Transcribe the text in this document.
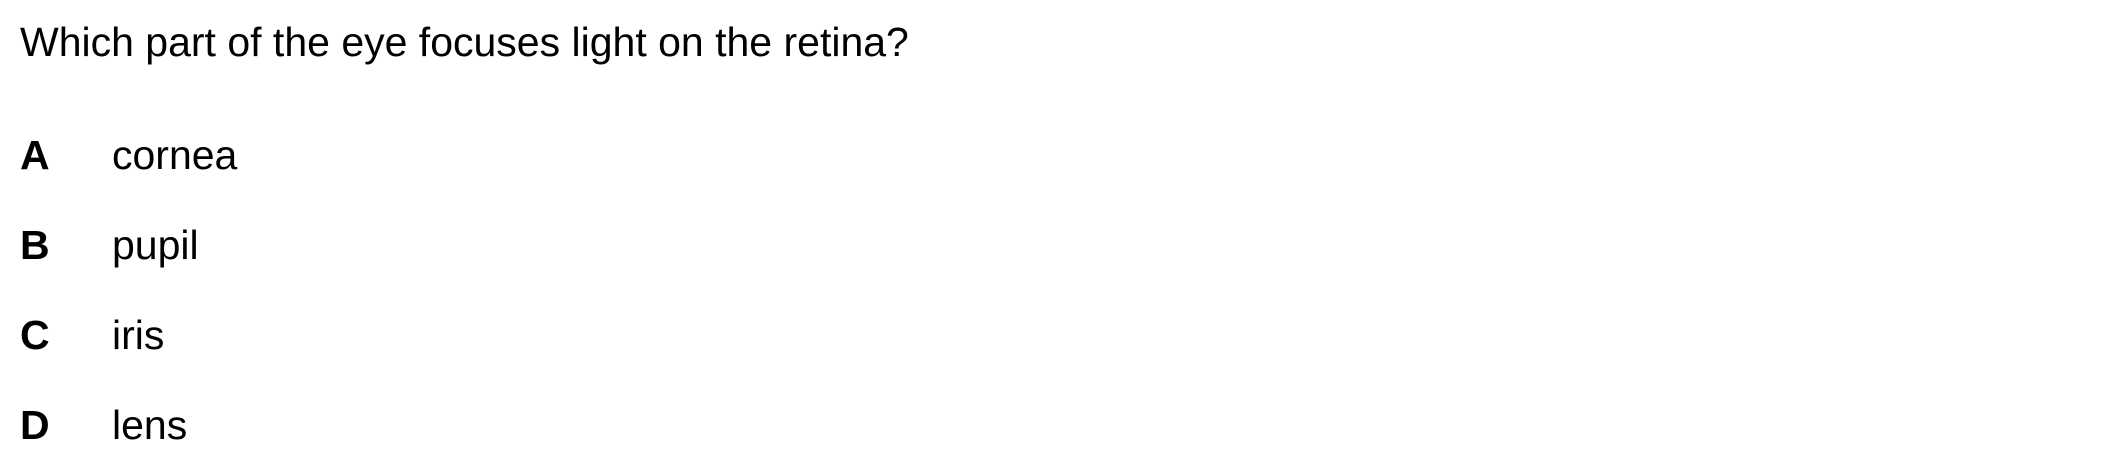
Which part of the eye focuses light on the retina?
A	cornea
B	pupil
C	iris
D	lens
